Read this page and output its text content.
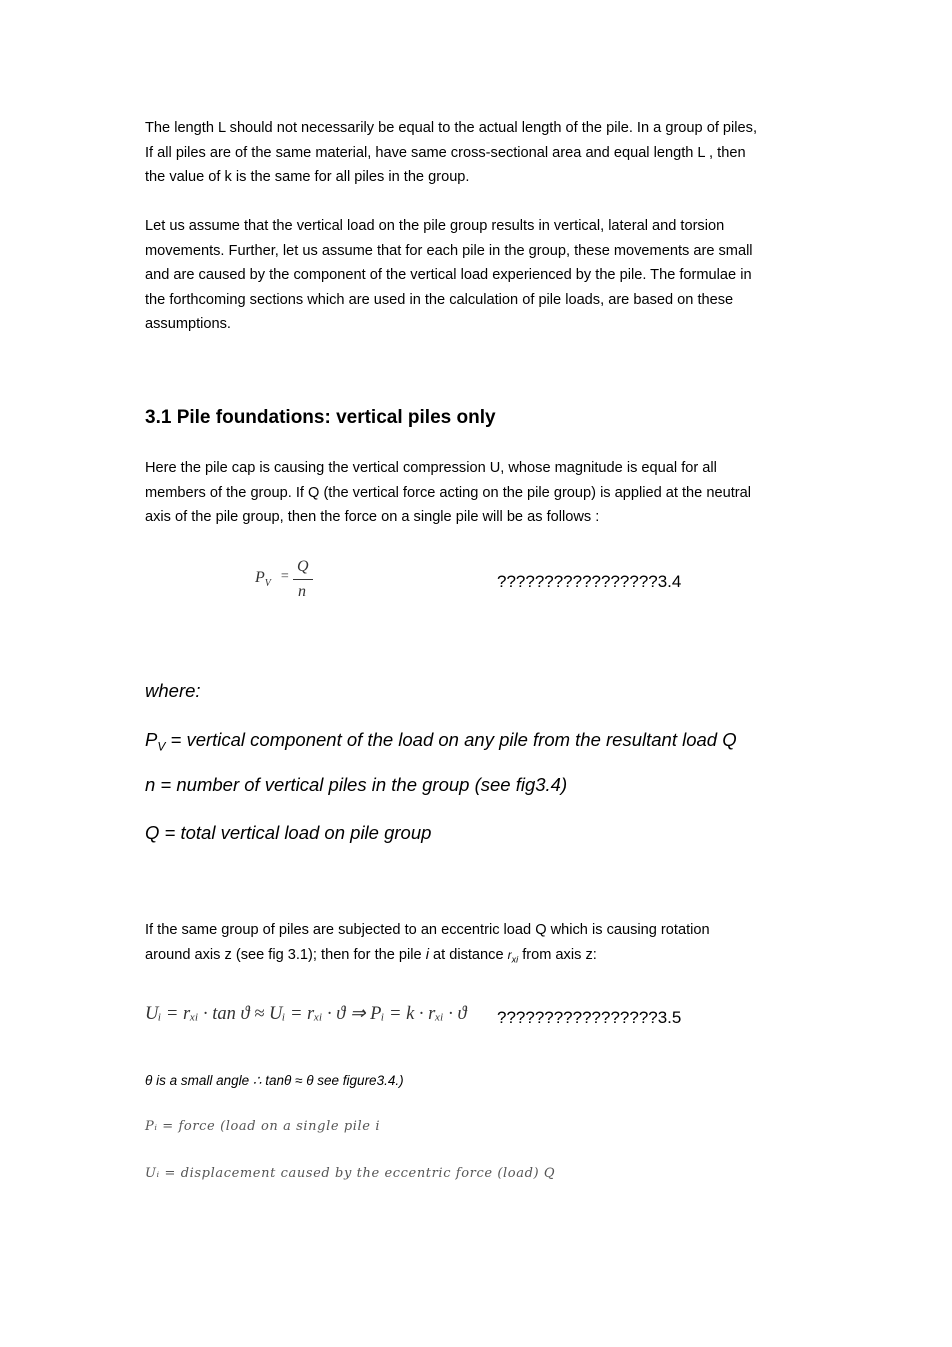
The length L should not necessarily be equal to the actual length of the pile. In a group of piles,
If all piles are of the same material, have same cross-sectional area and equal length L , then
the value of k is the same for all piles in the group.
Let us assume that the vertical load on the pile group results in vertical, lateral and torsion
movements. Further, let us assume that for each pile in the group, these movements are small
and are caused by the component of the vertical load experienced by the pile. The formulae in
the forthcoming sections which are used in the calculation of pile loads, are based on these
assumptions.
3.1 Pile foundations: vertical piles only
Here the pile cap is causing the vertical compression U, whose magnitude is equal for all
members of the group. If Q (the vertical force acting on the pile group) is applied at the neutral
axis of the pile group, then the force on a single pile will be as follows :
$P_V$ =
Q
n
?????????????????3.4
where:
$P_V$ = vertical component of the load on any pile from the resultant load Q
n = number of vertical piles in the group (see fig3.4)
Q = total vertical load on pile group
If the same group of piles are subjected to an eccentric load Q which is causing rotation
around axis z (see fig 3.1); then for the pile i at distance $r_{xi}$ from axis z:
Uᵢ = rₓᵢ · tan ϑ ≈ Uᵢ = rₓᵢ · ϑ ⇒ Pᵢ = k · rₓᵢ · ϑ ?????????????????3.5
θ is a small angle ∴ tanθ ≈ θ see figure3.4.)
Pᵢ = force (load on a single pile i
Uᵢ = displacement caused by the eccentric force (load) Q
